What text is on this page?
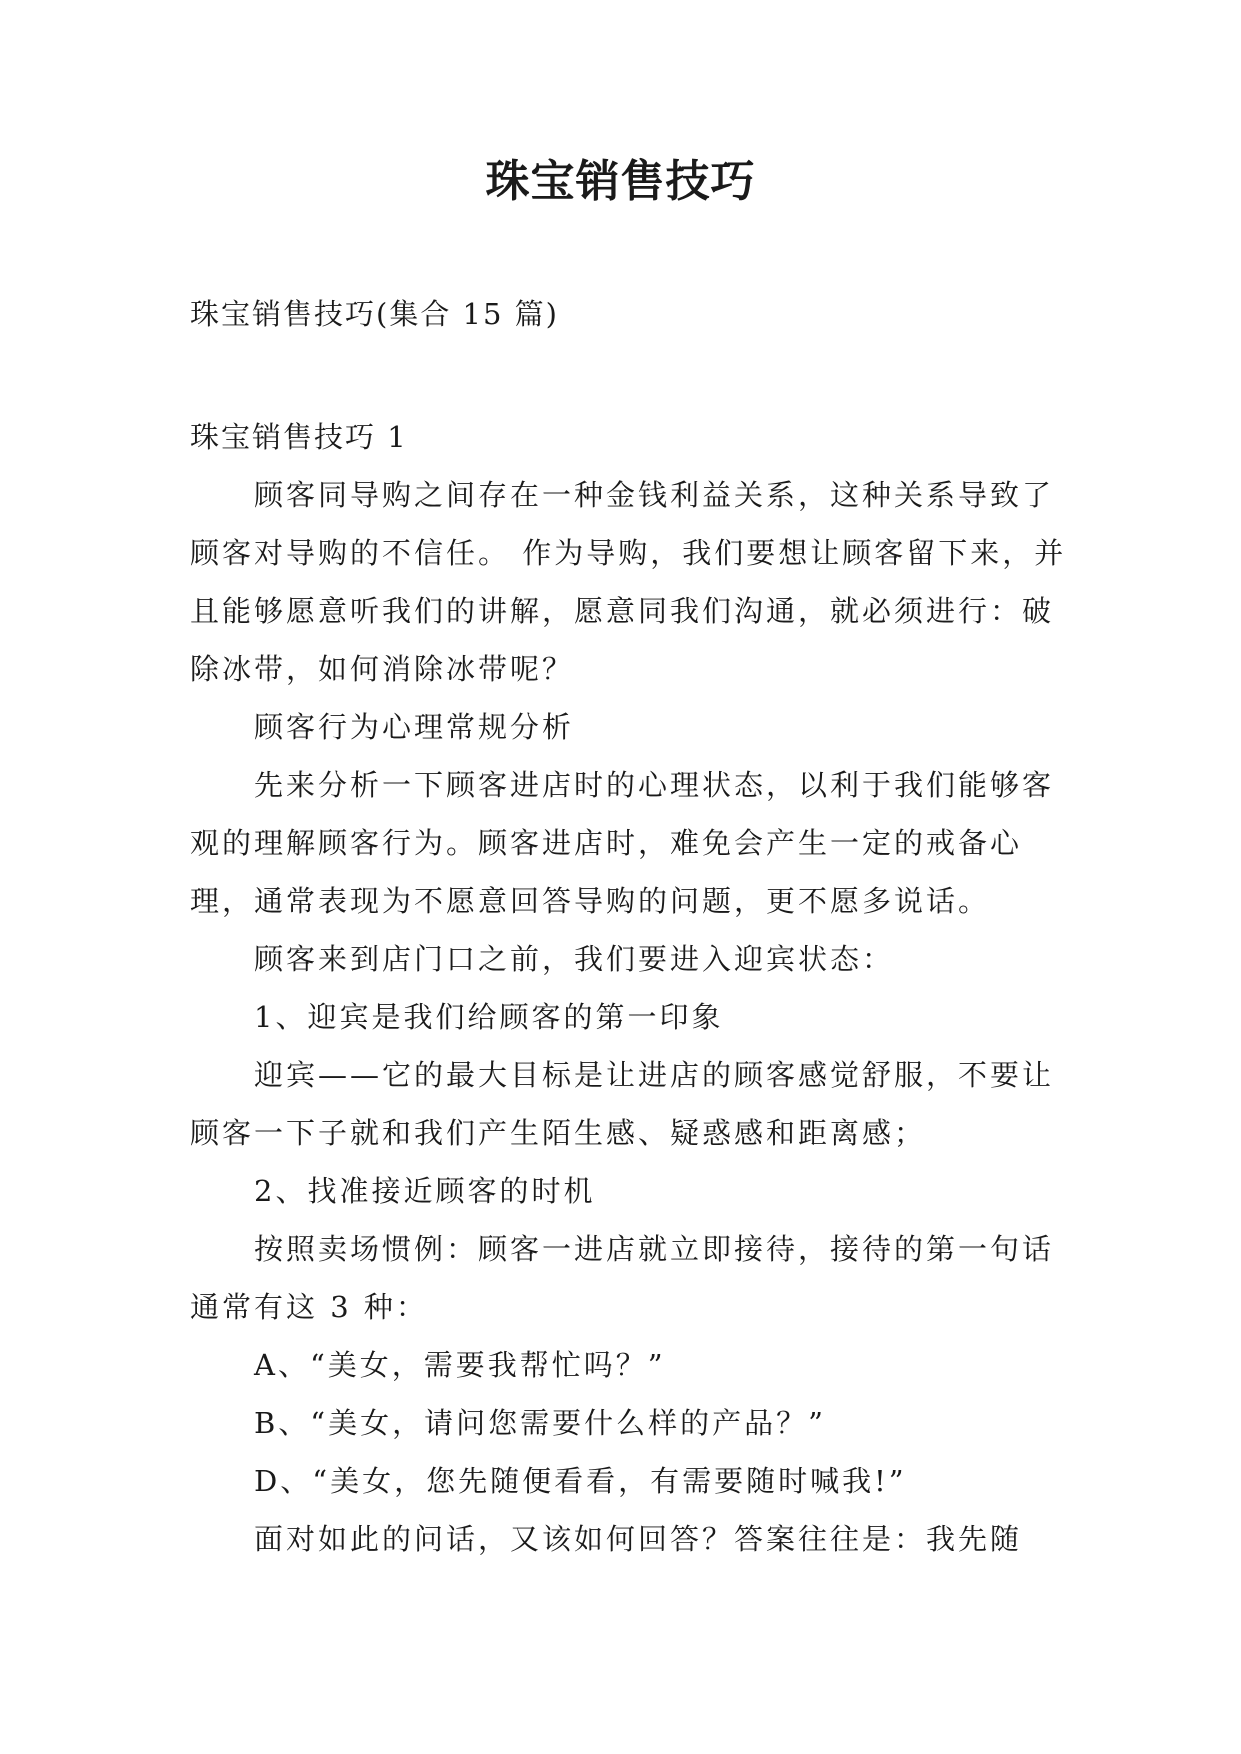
珠宝销售技巧
珠宝销售技巧(集合 15 篇)

珠宝销售技巧 1

顾客同导购之间存在一种金钱利益关系，这种关系导致了顾客对导购的不信任。 作为导购，我们要想让顾客留下来，并且能够愿意听我们的讲解，愿意同我们沟通，就必须进行：破除冰带，如何消除冰带呢？

顾客行为心理常规分析

先来分析一下顾客进店时的心理状态，以利于我们能够客观的理解顾客行为。顾客进店时，难免会产生一定的戒备心理，通常表现为不愿意回答导购的问题，更不愿多说话。

顾客来到店门口之前，我们要进入迎宾状态：

1、迎宾是我们给顾客的第一印象

迎宾——它的最大目标是让进店的顾客感觉舒服，不要让顾客一下子就和我们产生陌生感、疑惑感和距离感；

2、找准接近顾客的时机

按照卖场惯例：顾客一进店就立即接待，接待的第一句话通常有这 3 种：

A、“美女，需要我帮忙吗？”

B、“美女，请问您需要什么样的产品？”

D、“美女，您先随便看看，有需要随时喊我!”

面对如此的问话，又该如何回答？答案往往是：我先随
